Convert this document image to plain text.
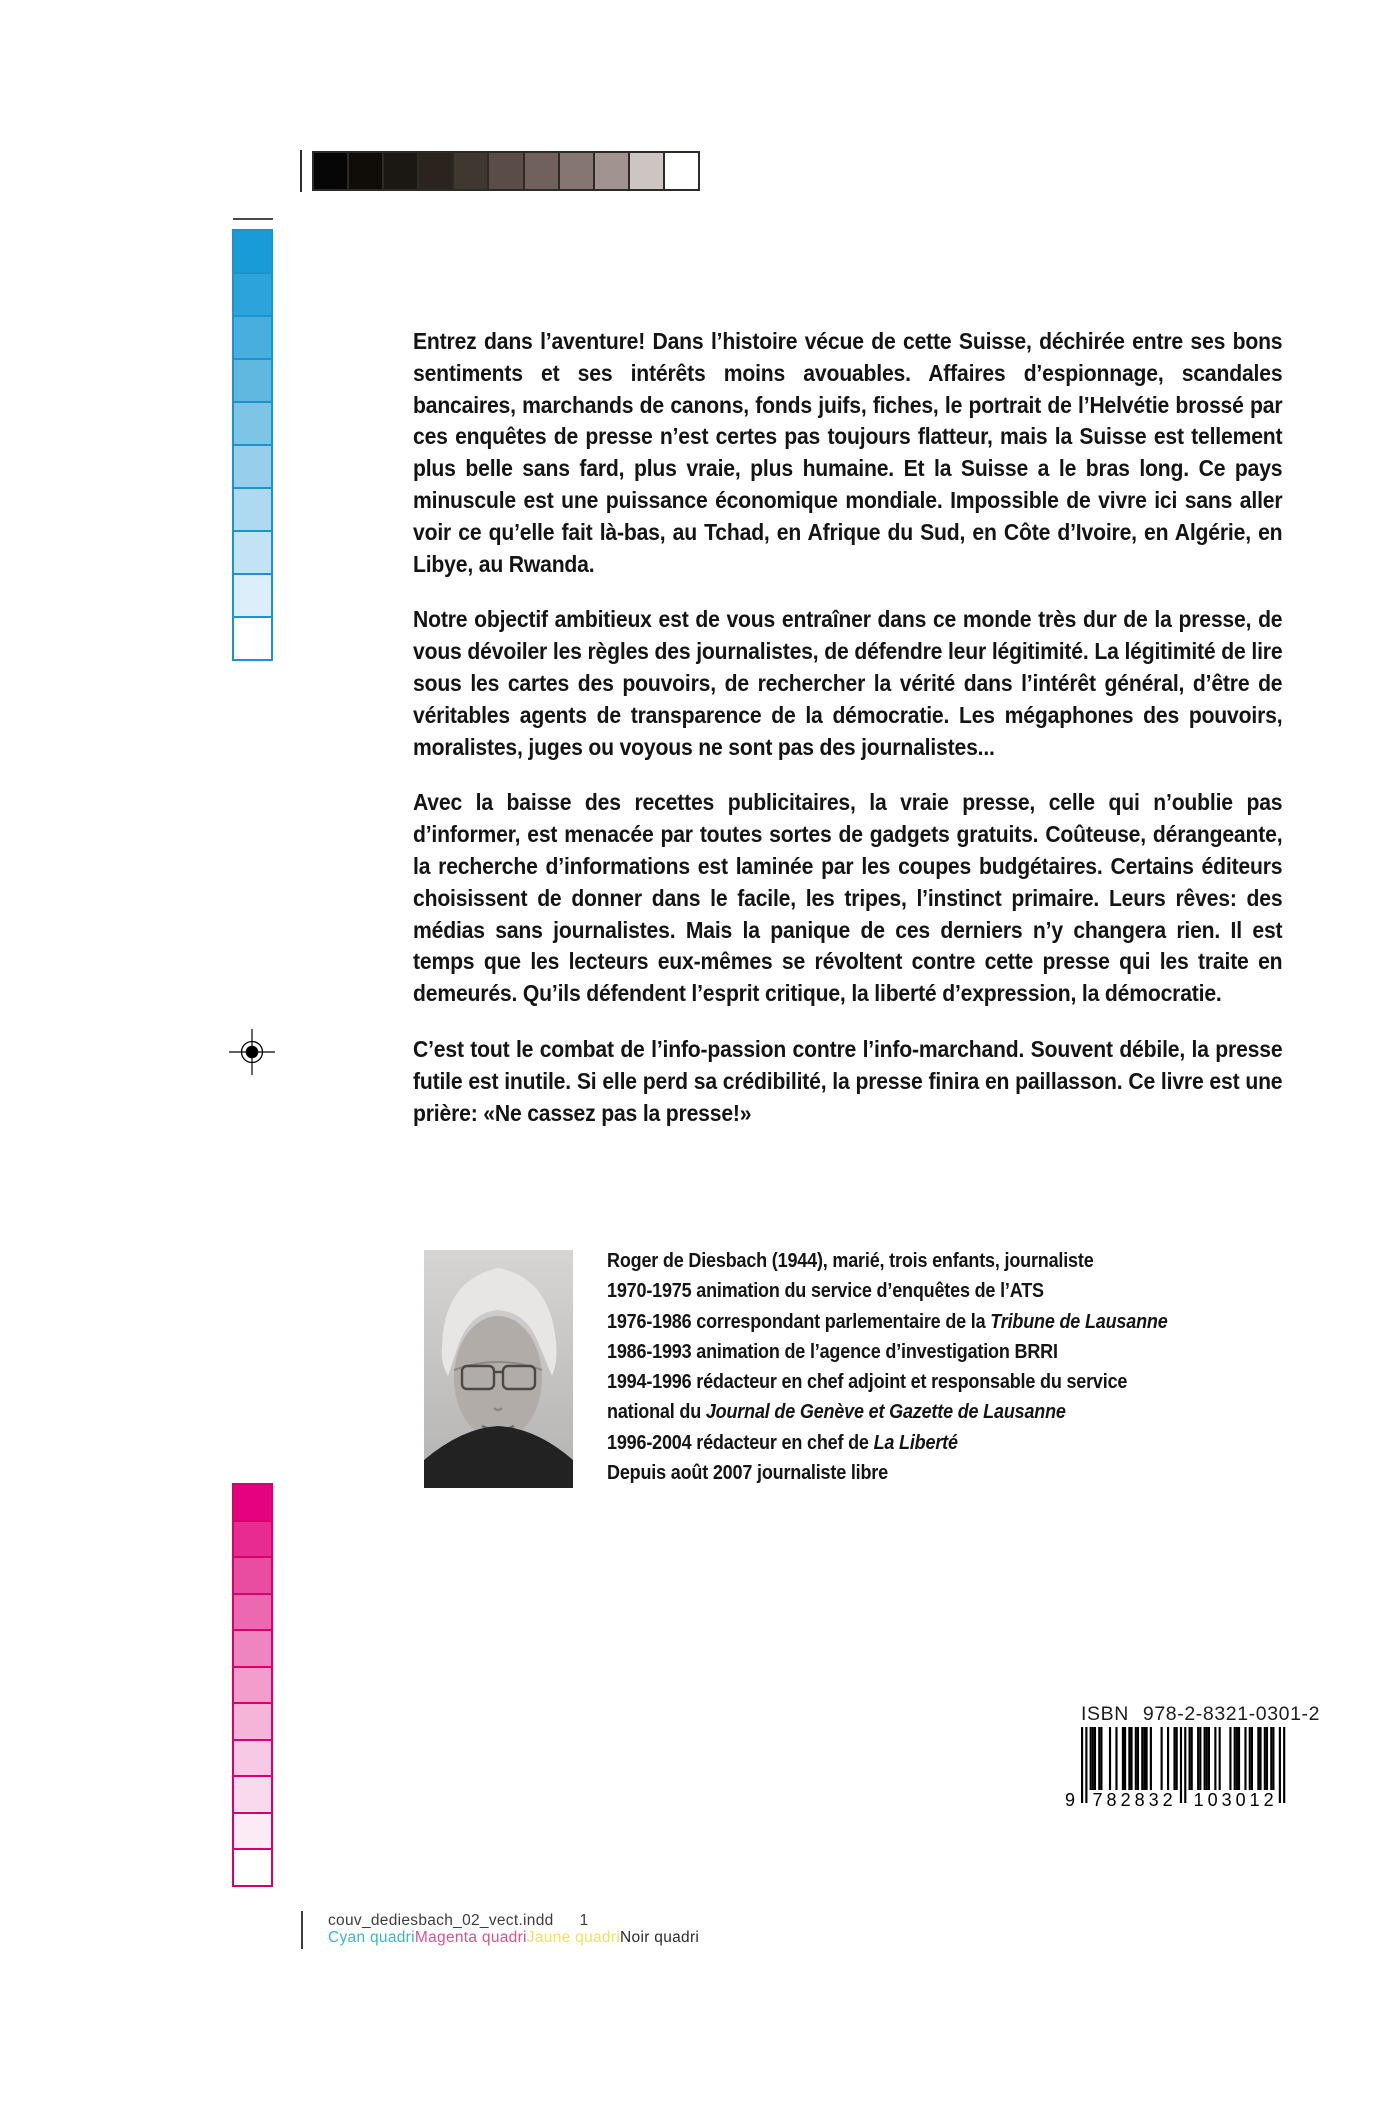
Entrez dans l’aventure! Dans l’histoire vécue de cette Suisse, déchirée entre ses bons sentiments et ses intérêts moins avouables. Affaires d’espionnage, scandales bancaires, marchands de canons, fonds juifs, fiches, le portrait de l’Helvétie brossé par ces enquêtes de presse n’est certes pas toujours flatteur, mais la Suisse est tellement plus belle sans fard, plus vraie, plus humaine. Et la Suisse a le bras long. Ce pays minuscule est une puissance économique mondiale. Impossible de vivre ici sans aller voir ce qu’elle fait là-bas, au Tchad, en Afrique du Sud, en Côte d’Ivoire, en Algérie, en Libye, au Rwanda.

Notre objectif ambitieux est de vous entraîner dans ce monde très dur de la presse, de vous dévoiler les règles des journalistes, de défendre leur légitimité. La légitimité de lire sous les cartes des pouvoirs, de rechercher la vérité dans l’intérêt général, d’être de véritables agents de transparence de la démocratie. Les mégaphones des pouvoirs, moralistes, juges ou voyous ne sont pas des journalistes...

Avec la baisse des recettes publicitaires, la vraie presse, celle qui n’oublie pas d’informer, est menacée par toutes sortes de gadgets gratuits. Coûteuse, dérangeante, la recherche d’informations est laminée par les coupes budgétaires. Certains éditeurs choisissent de donner dans le facile, les tripes, l’instinct primaire. Leurs rêves: des médias sans journalistes. Mais la panique de ces derniers n’y changera rien. Il est temps que les lecteurs eux-mêmes se révoltent contre cette presse qui les traite en demeurés. Qu’ils défendent l’esprit critique, la liberté d’expression, la démocratie.

C’est tout le combat de l’info-passion contre l’info-marchand. Souvent débile, la presse futile est inutile. Si elle perd sa crédibilité, la presse finira en paillasson. Ce livre est une prière: «Ne cassez pas la presse!»

Roger de Diesbach (1944), marié, trois enfants, journaliste
1970-1975 animation du service d’enquêtes de l’ATS
1976-1986 correspondant parlementaire de la Tribune de Lausanne
1986-1993 animation de l’agence d’investigation BRRI
1994-1996 rédacteur en chef adjoint et responsable du service
national du Journal de Genève et Gazette de Lausanne
1996-2004 rédacteur en chef de La Liberté
Depuis août 2007 journaliste libre
ISBN 978-2-8321-0301-2
9 782832 103012
couv_dediesbach_02_vect.indd 1
Cyan quadriMagenta quadriJaune quadriNoir quadri
